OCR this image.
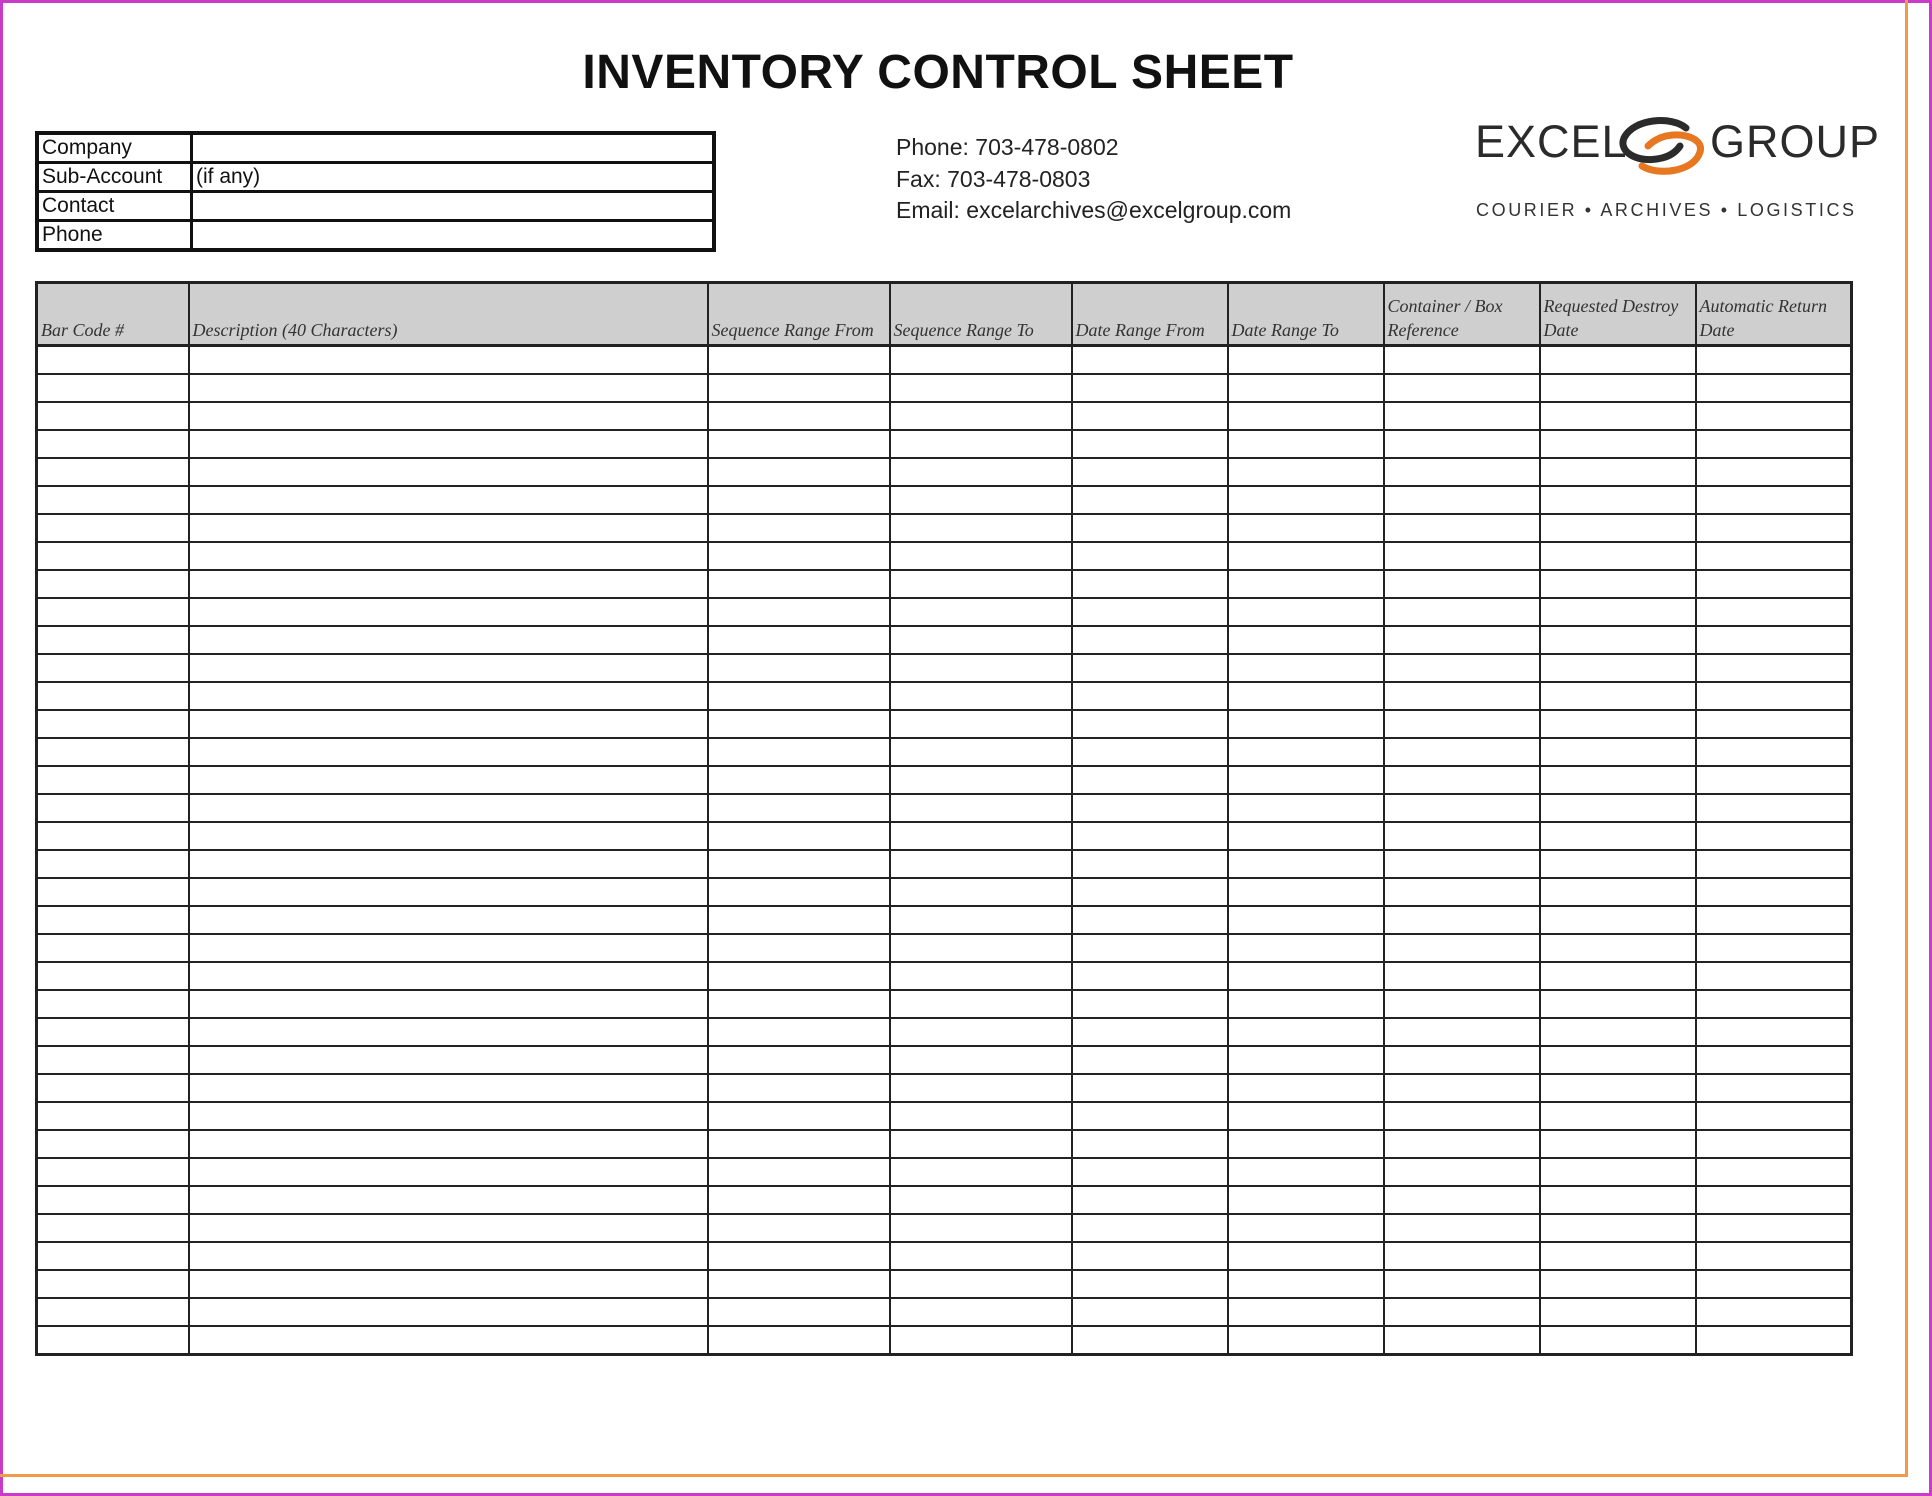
INVENTORY CONTROL SHEET
Company	
Sub-Account	(if any)
Contact	
Phone	
Phone: 703-478-0802
Fax: 703-478-0803
Email: excelarchives@excelgroup.com
EXCEL GROUP
COURIER • ARCHIVES • LOGISTICS
Bar Code #	Description (40 Characters)	Sequence Range From	Sequence Range To	Date Range From	Date Range To	Container / Box Reference	Requested Destroy Date	Automatic Return Date
